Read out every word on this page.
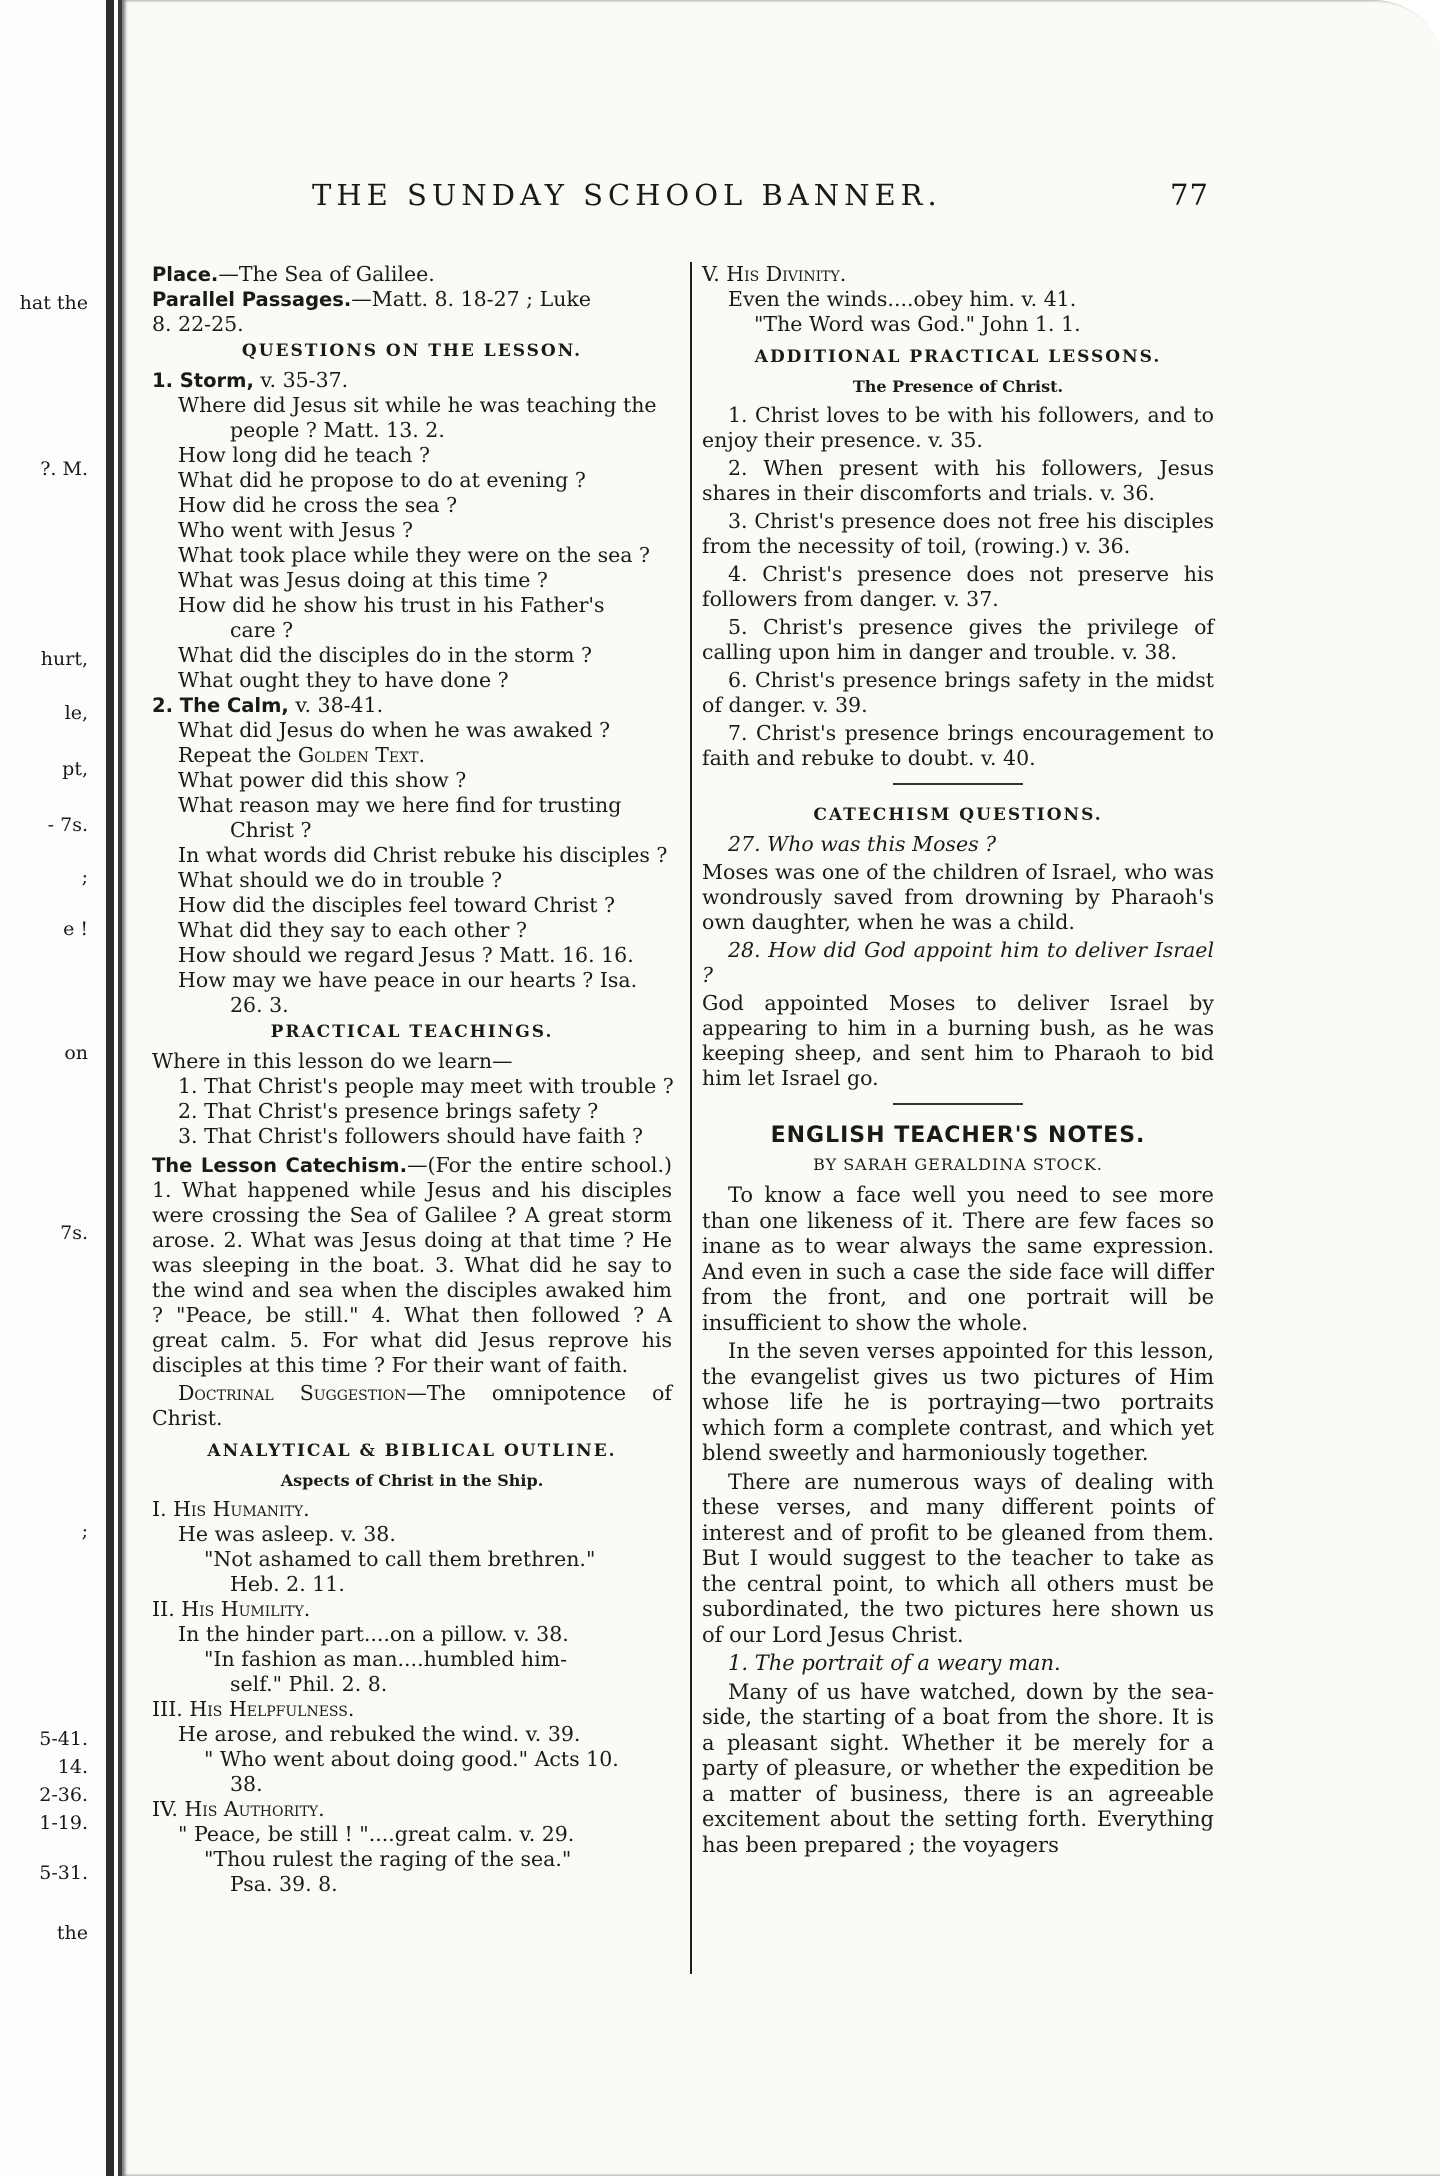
hat the
?. M.
hurt,
le,
pt,
- 7s.
;
e !
on
7s.
;
5-41.
14.
2-36.
1-19.
5-31.
the
THE SUNDAY SCHOOL BANNER.	77

Place.—The Sea of Galilee.

Parallel Passages.—Matt. 8. 18-27 ; Luke

8. 22-25.

QUESTIONS ON THE LESSON.

1. Storm, v. 35-37.

Where did Jesus sit while he was teaching the

people ? Matt. 13. 2.

How long did he teach ?

What did he propose to do at evening ?

How did he cross the sea ?

Who went with Jesus ?

What took place while they were on the sea ?

What was Jesus doing at this time ?

How did he show his trust in his Father's

care ?

What did the disciples do in the storm ?

What ought they to have done ?

2. The Calm, v. 38-41.

What did Jesus do when he was awaked ?

Repeat the Golden Text.

What power did this show ?

What reason may we here find for trusting

Christ ?

In what words did Christ rebuke his disciples ?

What should we do in trouble ?

How did the disciples feel toward Christ ?

What did they say to each other ?

How should we regard Jesus ? Matt. 16. 16.

How may we have peace in our hearts ? Isa.

26. 3.

PRACTICAL TEACHINGS.

Where in this lesson do we learn—

1. That Christ's people may meet with trouble ?

2. That Christ's presence brings safety ?

3. That Christ's followers should have faith ?

The Lesson Catechism.—(For the entire school.) 1. What happened while Jesus and his disciples were crossing the Sea of Galilee ? A great storm arose. 2. What was Jesus doing at that time ? He was sleeping in the boat. 3. What did he say to the wind and sea when the disciples awaked him ? "Peace, be still." 4. What then followed ? A great calm. 5. For what did Jesus reprove his disciples at this time ? For their want of faith.

Doctrinal Suggestion—The omnipotence of Christ.

ANALYTICAL & BIBLICAL OUTLINE.
Aspects of Christ in the Ship.

I. His Humanity.

He was asleep. v. 38.

"Not ashamed to call them brethren."

Heb. 2. 11.

II. His Humility.

In the hinder part....on a pillow. v. 38.

"In fashion as man....humbled him-

self." Phil. 2. 8.

III. His Helpfulness.

He arose, and rebuked the wind. v. 39.

" Who went about doing good." Acts 10.

38.

IV. His Authority.

" Peace, be still ! "....great calm. v. 29.

"Thou rulest the raging of the sea."

Psa. 39. 8.

V. His Divinity.

Even the winds....obey him. v. 41.

"The Word was God." John 1. 1.

ADDITIONAL PRACTICAL LESSONS.
The Presence of Christ.

1. Christ loves to be with his followers, and to enjoy their presence. v. 35.

2. When present with his followers, Jesus shares in their discomforts and trials. v. 36.

3. Christ's presence does not free his disciples from the necessity of toil, (rowing.) v. 36.

4. Christ's presence does not preserve his followers from danger. v. 37.

5. Christ's presence gives the privilege of calling upon him in danger and trouble. v. 38.

6. Christ's presence brings safety in the midst of danger. v. 39.

7. Christ's presence brings encouragement to faith and rebuke to doubt. v. 40.

CATECHISM QUESTIONS.

27. Who was this Moses ?

Moses was one of the children of Israel, who was wondrously saved from drowning by Pharaoh's own daughter, when he was a child.

28. How did God appoint him to deliver Israel ?

God appointed Moses to deliver Israel by appearing to him in a burning bush, as he was keeping sheep, and sent him to Pharaoh to bid him let Israel go.

ENGLISH TEACHER'S NOTES.
BY SARAH GERALDINA STOCK.

To know a face well you need to see more than one likeness of it. There are few faces so inane as to wear always the same expression. And even in such a case the side face will differ from the front, and one portrait will be insufficient to show the whole.

In the seven verses appointed for this lesson, the evangelist gives us two pictures of Him whose life he is portraying—two portraits which form a complete contrast, and which yet blend sweetly and harmoniously together.

There are numerous ways of dealing with these verses, and many different points of interest and of profit to be gleaned from them. But I would suggest to the teacher to take as the central point, to which all others must be subordinated, the two pictures here shown us of our Lord Jesus Christ.

1. The portrait of a weary man.

Many of us have watched, down by the sea-side, the starting of a boat from the shore. It is a pleasant sight. Whether it be merely for a party of pleasure, or whether the expedition be a matter of business, there is an agreeable excitement about the setting forth. Everything has been prepared ; the voyagers
